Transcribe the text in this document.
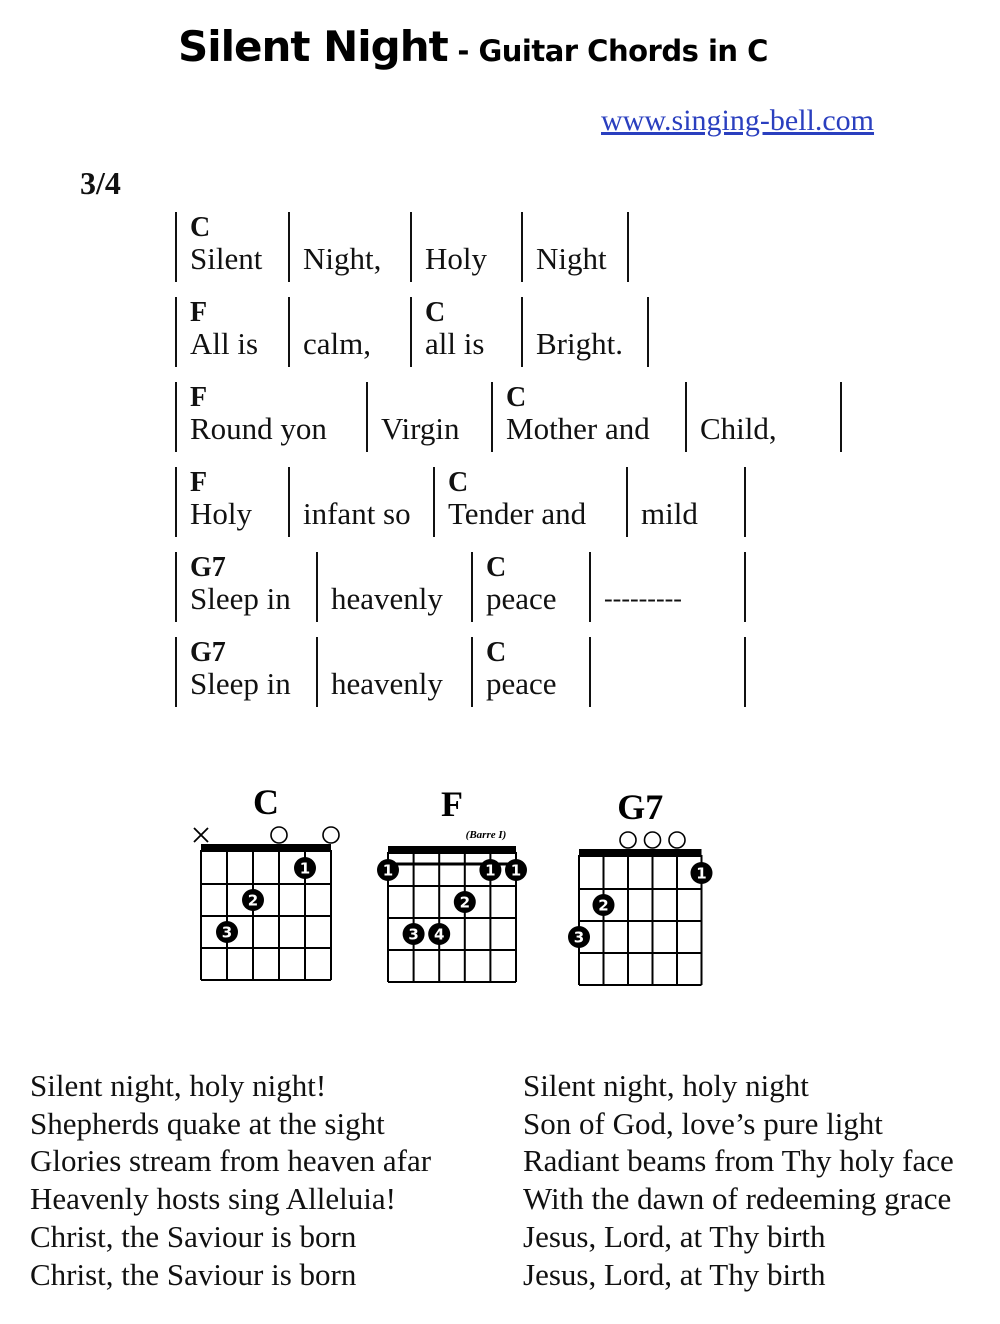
Silent Night - Guitar Chords in C
www.singing-bell.com
3/4
C
Silent Night, Holy Night
F
All is calm,
C
all is Bright.
F
Round yon Virgin
C
Mother and Child,
F
Holy infant so
C
Tender and mild
G7
Sleep in heavenly
C
peace ---------
G7
Sleep in heavenly
C
peace
C
1
2
3
F
(Barre I)
1	1 1
2
3 4
G7
1
2
3
Silent night, holy night!
Shepherds quake at the sight
Glories stream from heaven afar
Heavenly hosts sing Alleluia!
Christ, the Saviour is born
Christ, the Saviour is born
Silent night, holy night
Son of God, love’s pure light
Radiant beams from Thy holy face
With the dawn of redeeming grace
Jesus, Lord, at Thy birth
Jesus, Lord, at Thy birth
